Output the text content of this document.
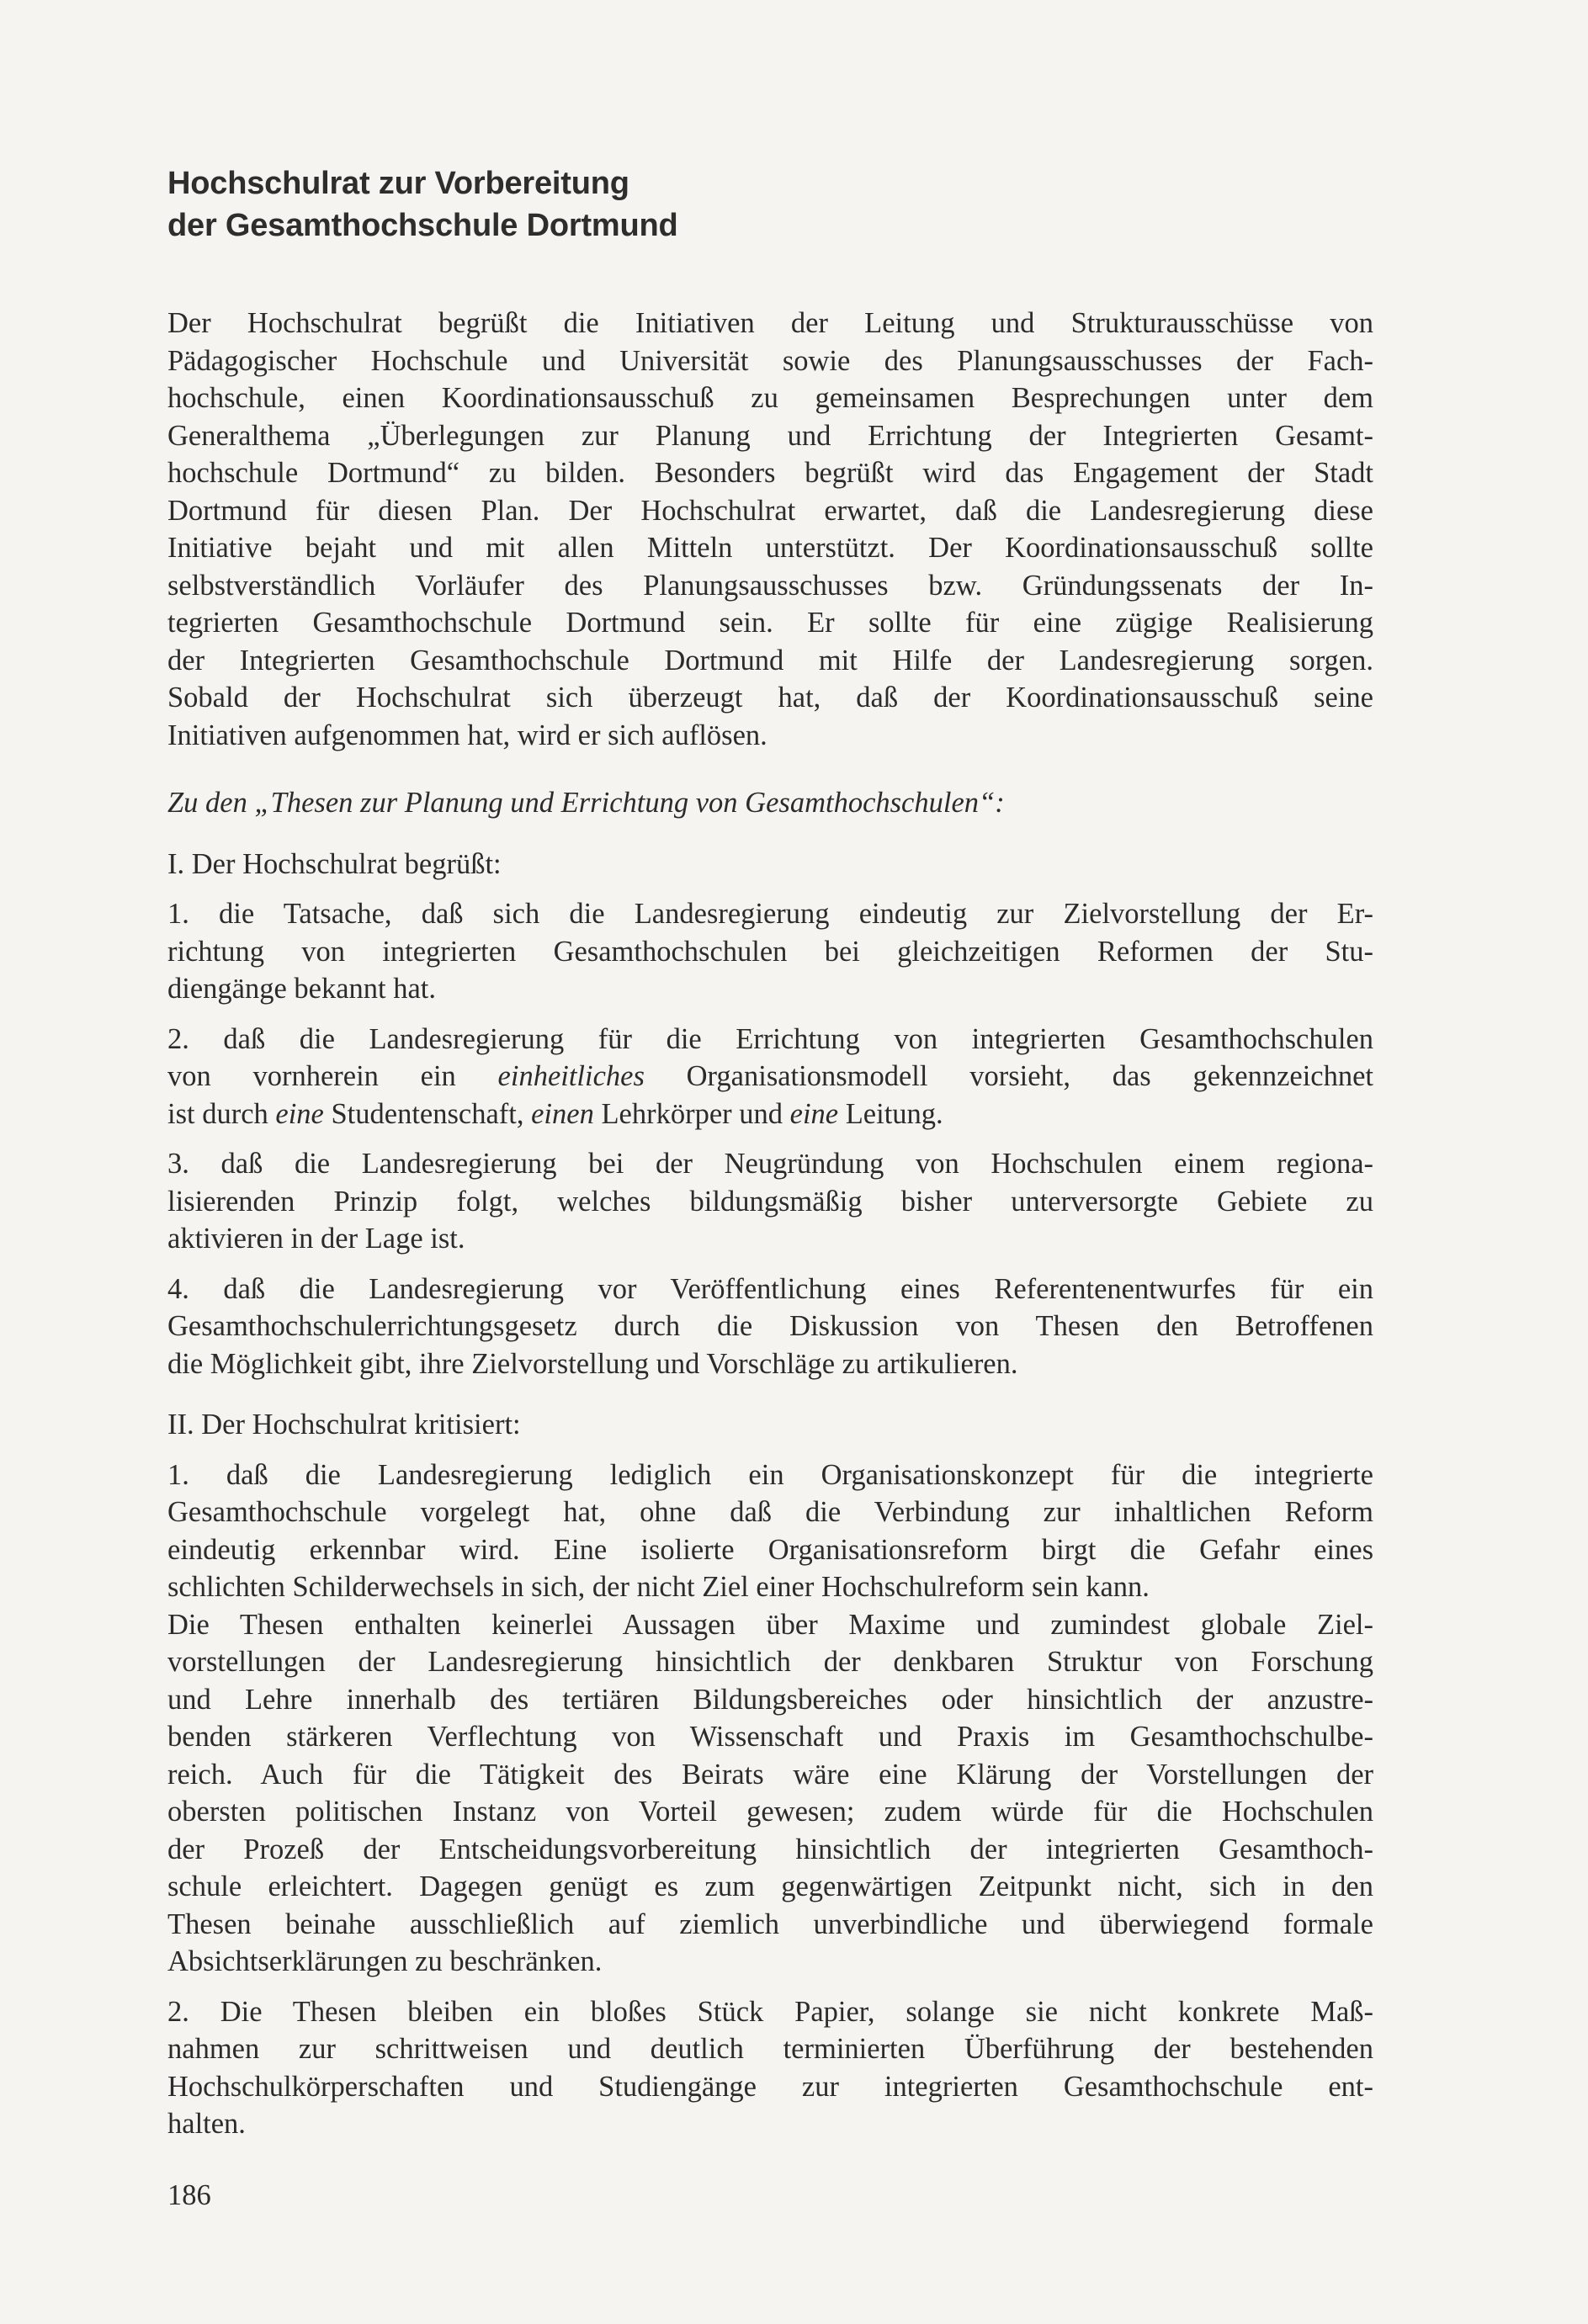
Hochschulrat zur Vorbereitung
der Gesamthochschule Dortmund
Der Hochschulrat begrüßt die Initiativen der Leitung und Strukturausschüsse von
Pädagogischer Hochschule und Universität sowie des Planungsausschusses der Fach-
hochschule, einen Koordinationsausschuß zu gemeinsamen Besprechungen unter dem
Generalthema „Überlegungen zur Planung und Errichtung der Integrierten Gesamt-
hochschule Dortmund“ zu bilden. Besonders begrüßt wird das Engagement der Stadt
Dortmund für diesen Plan. Der Hochschulrat erwartet, daß die Landesregierung diese
Initiative bejaht und mit allen Mitteln unterstützt. Der Koordinationsausschuß sollte
selbstverständlich Vorläufer des Planungsausschusses bzw. Gründungssenats der In-
tegrierten Gesamthochschule Dortmund sein. Er sollte für eine zügige Realisierung
der Integrierten Gesamthochschule Dortmund mit Hilfe der Landesregierung sorgen.
Sobald der Hochschulrat sich überzeugt hat, daß der Koordinationsausschuß seine
Initiativen aufgenommen hat, wird er sich auflösen.
Zu den „Thesen zur Planung und Errichtung von Gesamthochschulen“:
I. Der Hochschulrat begrüßt:
1. die Tatsache, daß sich die Landesregierung eindeutig zur Zielvorstellung der Er-
richtung von integrierten Gesamthochschulen bei gleichzeitigen Reformen der Stu-
diengänge bekannt hat.
2. daß die Landesregierung für die Errichtung von integrierten Gesamthochschulen
von vornherein ein einheitliches Organisationsmodell vorsieht, das gekennzeichnet
ist durch eine Studentenschaft, einen Lehrkörper und eine Leitung.
3. daß die Landesregierung bei der Neugründung von Hochschulen einem regiona-
lisierenden Prinzip folgt, welches bildungsmäßig bisher unterversorgte Gebiete zu
aktivieren in der Lage ist.
4. daß die Landesregierung vor Veröffentlichung eines Referentenentwurfes für ein
Gesamthochschulerrichtungsgesetz durch die Diskussion von Thesen den Betroffenen
die Möglichkeit gibt, ihre Zielvorstellung und Vorschläge zu artikulieren.
II. Der Hochschulrat kritisiert:
1. daß die Landesregierung lediglich ein Organisationskonzept für die integrierte
Gesamthochschule vorgelegt hat, ohne daß die Verbindung zur inhaltlichen Reform
eindeutig erkennbar wird. Eine isolierte Organisationsreform birgt die Gefahr eines
schlichten Schilderwechsels in sich, der nicht Ziel einer Hochschulreform sein kann.
Die Thesen enthalten keinerlei Aussagen über Maxime und zumindest globale Ziel-
vorstellungen der Landesregierung hinsichtlich der denkbaren Struktur von Forschung
und Lehre innerhalb des tertiären Bildungsbereiches oder hinsichtlich der anzustre-
benden stärkeren Verflechtung von Wissenschaft und Praxis im Gesamthochschulbe-
reich. Auch für die Tätigkeit des Beirats wäre eine Klärung der Vorstellungen der
obersten politischen Instanz von Vorteil gewesen; zudem würde für die Hochschulen
der Prozeß der Entscheidungsvorbereitung hinsichtlich der integrierten Gesamthoch-
schule erleichtert. Dagegen genügt es zum gegenwärtigen Zeitpunkt nicht, sich in den
Thesen beinahe ausschließlich auf ziemlich unverbindliche und überwiegend formale
Absichtserklärungen zu beschränken.
2. Die Thesen bleiben ein bloßes Stück Papier, solange sie nicht konkrete Maß-
nahmen zur schrittweisen und deutlich terminierten Überführung der bestehenden
Hochschulkörperschaften und Studiengänge zur integrierten Gesamthochschule ent-
halten.
186
